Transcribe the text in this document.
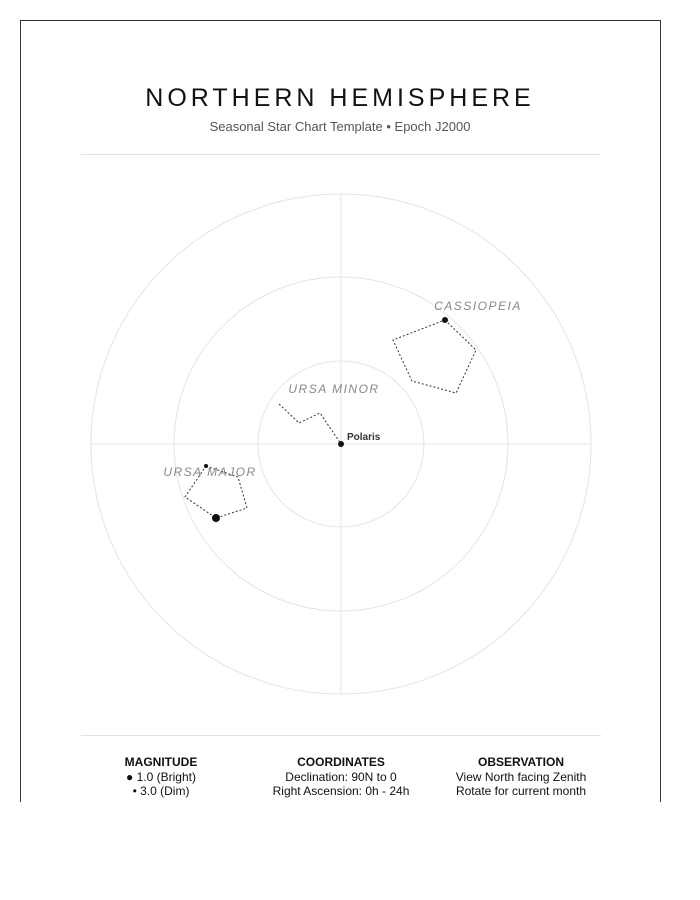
NORTHERN HEMISPHERE
Seasonal Star Chart Template • Epoch J2000
CASSIOPEIA
Polaris
URSA MINOR
URSA MAJOR
MAGNITUDE
● 1.0 (Bright)
• 3.0 (Dim)
COORDINATES
Declination: 90N to 0
Right Ascension: 0h - 24h
OBSERVATION
View North facing Zenith
Rotate for current month
